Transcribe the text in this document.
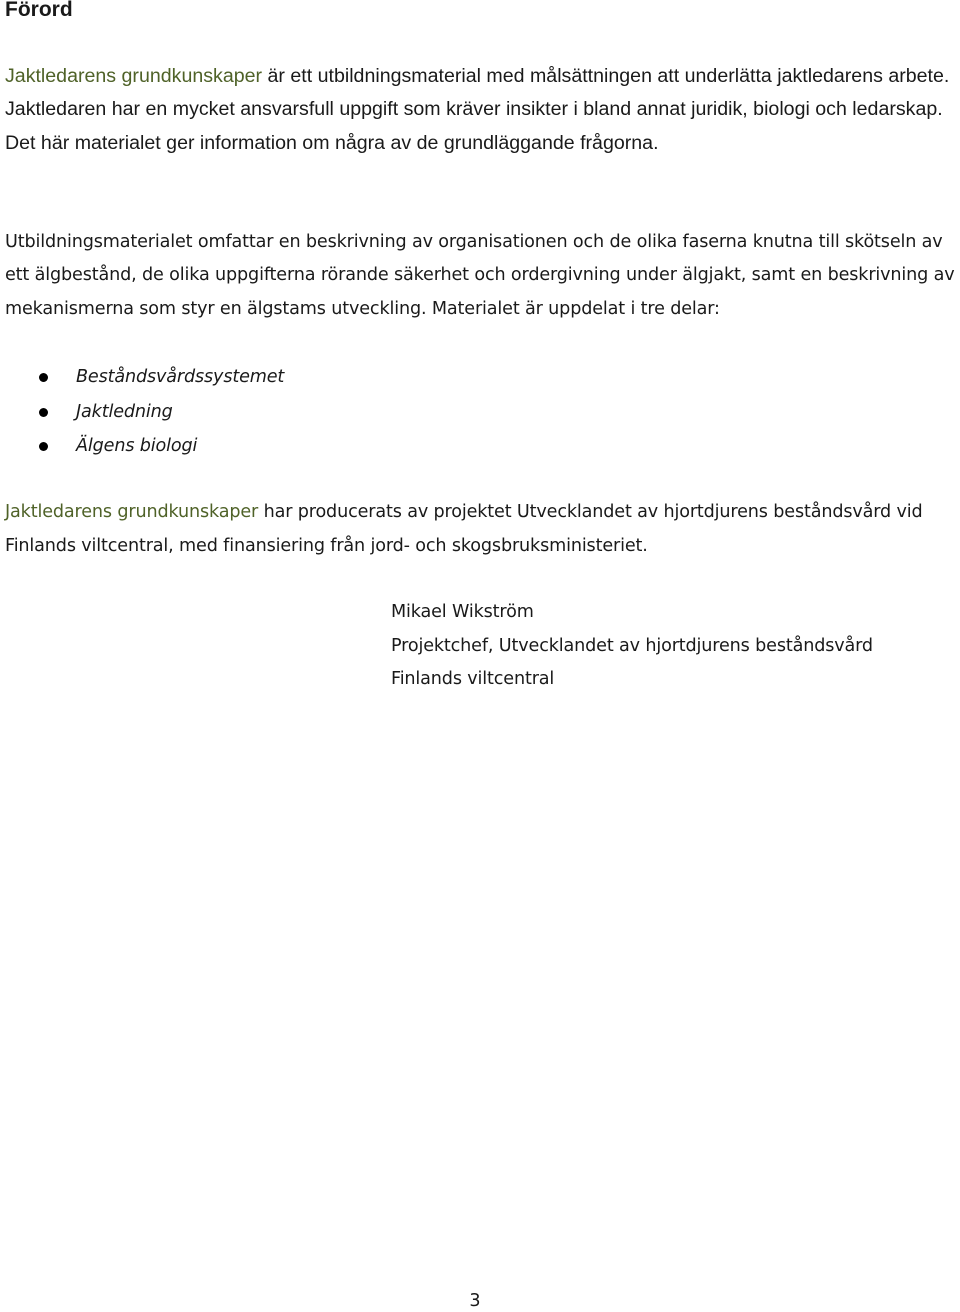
Förord

Jaktledarens grundkunskaper är ett utbildningsmaterial med målsättningen att underlätta jaktledarens arbete. Jaktledaren har en mycket ansvarsfull uppgift som kräver insikter i bland annat juridik, biologi och ledarskap. Det här materialet ger information om några av de grundläggande frågorna.

Utbildningsmaterialet omfattar en beskrivning av organisationen och de olika faserna knutna till skötseln av ett älgbestånd, de olika uppgifterna rörande säkerhet och ordergivning under älgjakt, samt en beskrivning av mekanismerna som styr en älgstams utveckling. Materialet är uppdelat i tre delar:

Beståndsvårdssystemet
Jaktledning
Älgens biologi

Jaktledarens grundkunskaper har producerats av projektet Utvecklandet av hjortdjurens beståndsvård vid Finlands viltcentral, med finansiering från jord- och skogsbruksministeriet.

Mikael Wikström
Projektchef, Utvecklandet av hjortdjurens beståndsvård
Finlands viltcentral
3
